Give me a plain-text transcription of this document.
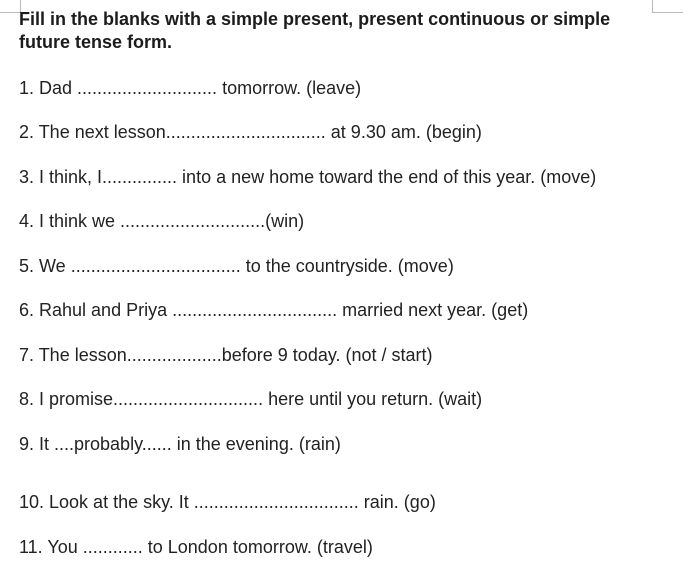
Fill in the blanks with a simple present, present continuous or simple future tense form.

1. Dad ............................ tomorrow. (leave)
2. The next lesson................................ at 9.30 am. (begin)
3. I think, I............... into a new home toward the end of this year. (move)
4. I think we .............................(win)
5. We .................................. to the countryside. (move)
6. Rahul and Priya ................................. married next year. (get)
7. The lesson...................before 9 today. (not / start)
8. I promise.............................. here until you return. (wait)
9. It ....probably...... in the evening. (rain)
10. Look at the sky. It ................................. rain. (go)
11. You ............ to London tomorrow. (travel)
